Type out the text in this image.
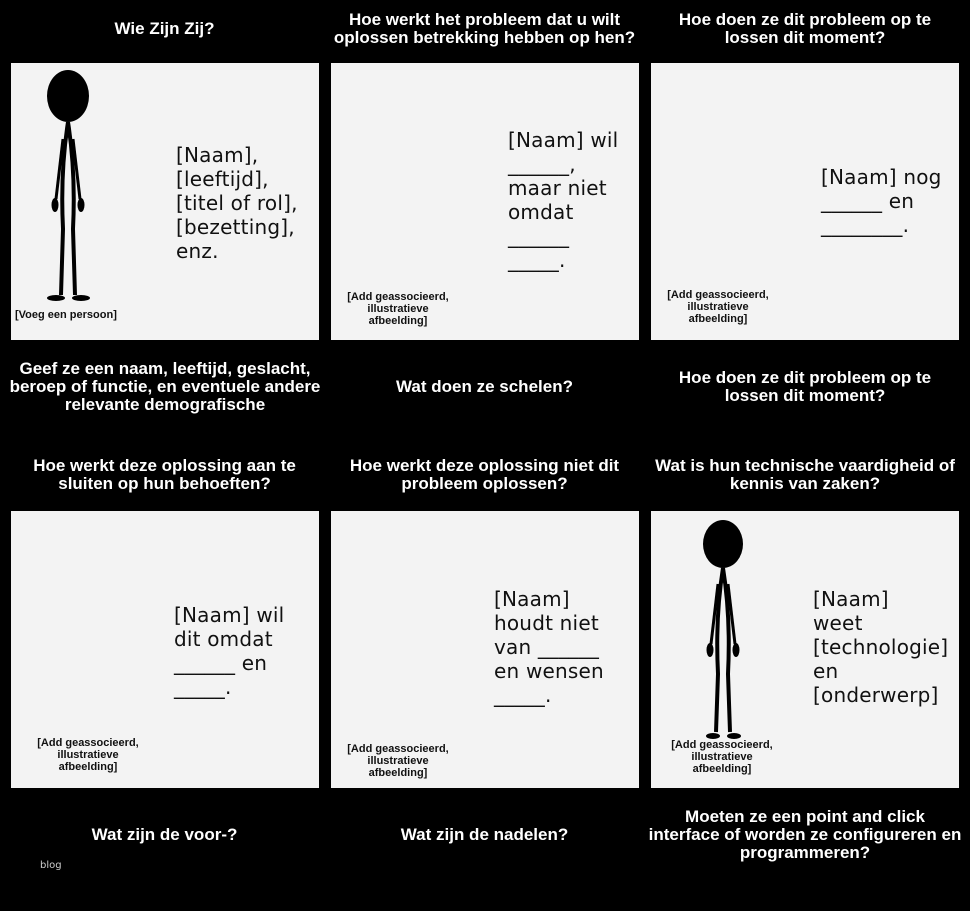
Wie Zijn Zij?	Hoe werkt het probleem dat u wilt oplossen betrekking hebben op hen?
Hoe doen ze dit probleem op te lossen dit moment?
[Naam],
[leeftijd],
[titel of rol],
[bezetting],
enz.
[Voeg een persoon]
[Naam] wil
______,
maar niet
omdat
______
_____.
[Add geassocieerd,
illustratieve
afbeelding]
[Naam] nog
______ en
________.
[Add geassocieerd,
illustratieve
afbeelding]
Geef ze een naam, leeftijd, geslacht, beroep of functie, en eventuele andere relevante demografische
Wat doen ze schelen?	Hoe doen ze dit probleem op te lossen dit moment?
Hoe werkt deze oplossing aan te sluiten op hun behoeften?
Hoe werkt deze oplossing niet dit probleem oplossen?
Wat is hun technische vaardigheid of kennis van zaken?
[Naam] wil
dit omdat
______ en
_____.
[Add geassocieerd,
illustratieve
afbeelding]
[Naam]
houdt niet
van ______
en wensen
_____.
[Add geassocieerd,
illustratieve
afbeelding]
[Naam]
weet
[technologie]
en
[onderwerp]
[Add geassocieerd,
illustratieve
afbeelding]
Wat zijn de voor-?	Wat zijn de nadelen?
Moeten ze een point and click interface of worden ze configureren en programmeren?
blog
